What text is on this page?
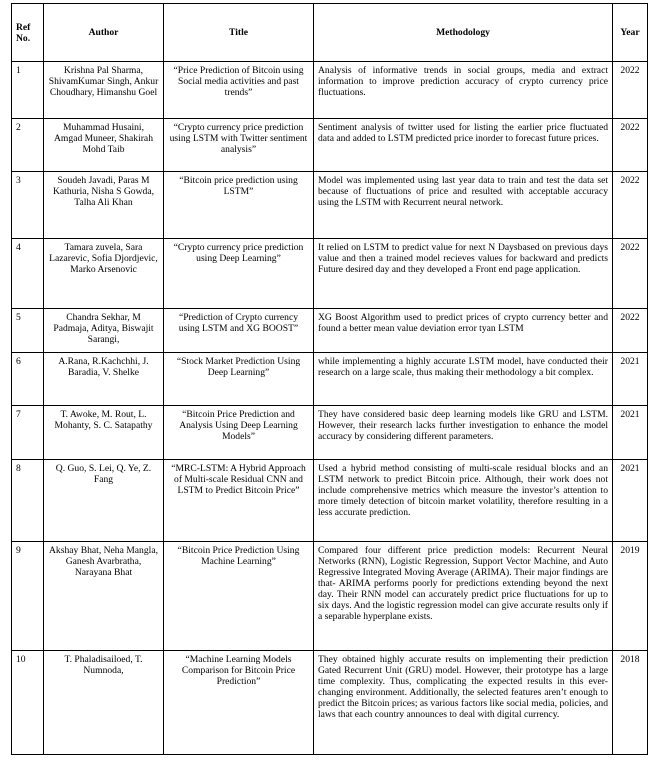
Ref No.	Author	Title	Methodology	Year
1	Krishna Pal Sharma, ShivamKumar Singh, Ankur Choudhary, Himanshu Goel	“Price Prediction of Bitcoin using Social media activities and past trends”	Analysis of informative trends in social groups, media and extract information to improve prediction accuracy of crypto currency price fluctuations.	2022
2	Muhammad Husaini, Amgad Muneer, Shakirah Mohd Taib	“Crypto currency price prediction using LSTM with Twitter sentiment analysis”	Sentiment analysis of twitter used for listing the earlier price fluctuated data and added to LSTM predicted price inorder to forecast future prices.	2022
3	Soudeh Javadi, Paras M Kathuria, Nisha S Gowda, Talha Ali Khan	“Bitcoin price prediction using LSTM”	Model was implemented using last year data to train and test the data set because of fluctuations of price and resulted with acceptable accuracy using the LSTM with Recurrent neural network.	2022
4	Tamara zuvela, Sara Lazarevic, Sofia Djordjevic, Marko Arsenovic	“Crypto currency price prediction using Deep Learning”	It relied on LSTM to predict value for next N Daysbased on previous days value and then a trained model recieves values for backward and predicts Future desired day and they developed a Front end page application.	2022
5	Chandra Sekhar, M Padmaja, Aditya, Biswajit Sarangi,	“Prediction of Crypto currency using LSTM and XG BOOST”	XG Boost Algorithm used to predict prices of crypto currency better and found a better mean value deviation error tyan LSTM	2022
6	A.Rana, R.Kachchhi, J. Baradia, V. Shelke	“Stock Market Prediction Using Deep Learning”	while implementing a highly accurate LSTM model, have conducted their research on a large scale, thus making their methodology a bit complex.	2021
7	T. Awoke, M. Rout, L. Mohanty, S. C. Satapathy	“Bitcoin Price Prediction and Analysis Using Deep Learning Models”	They have considered basic deep learning models like GRU and LSTM. However, their research lacks further investigation to enhance the model accuracy by considering different parameters.	2021
8	Q. Guo, S. Lei, Q. Ye, Z. Fang	“MRC-LSTM: A Hybrid Approach of Multi-scale Residual CNN and LSTM to Predict Bitcoin Price”	Used a hybrid method consisting of multi-scale residual blocks and an LSTM network to predict Bitcoin price. Although, their work does not include comprehensive metrics which measure the investor’s attention to more timely detection of bitcoin market volatility, therefore resulting in a less accurate prediction.	2021
9	Akshay Bhat, Neha Mangla, Ganesh Avarbratha, Narayana Bhat	“Bitcoin Price Prediction Using Machine Learning”	Compared four different price prediction models: Recurrent Neural Networks (RNN), Logistic Regression, Support Vector Machine, and Auto Regressive Integrated Moving Average (ARIMA). Their major findings are that- ARIMA performs poorly for predictions extending beyond the next day. Their RNN model can accurately predict price fluctuations for up to six days. And the logistic regression model can give accurate results only if a separable hyperplane exists.	2019
10	T. Phaladisailoed, T. Numnoda,	“Machine Learning Models Comparison for Bitcoin Price Prediction”	They obtained highly accurate results on implementing their prediction Gated Recurrent Unit (GRU) model. However, their prototype has a large time complexity. Thus, complicating the expected results in this ever-changing environment. Additionally, the selected features aren’t enough to predict the Bitcoin prices; as various factors like social media, policies, and laws that each country announces to deal with digital currency.	2018
